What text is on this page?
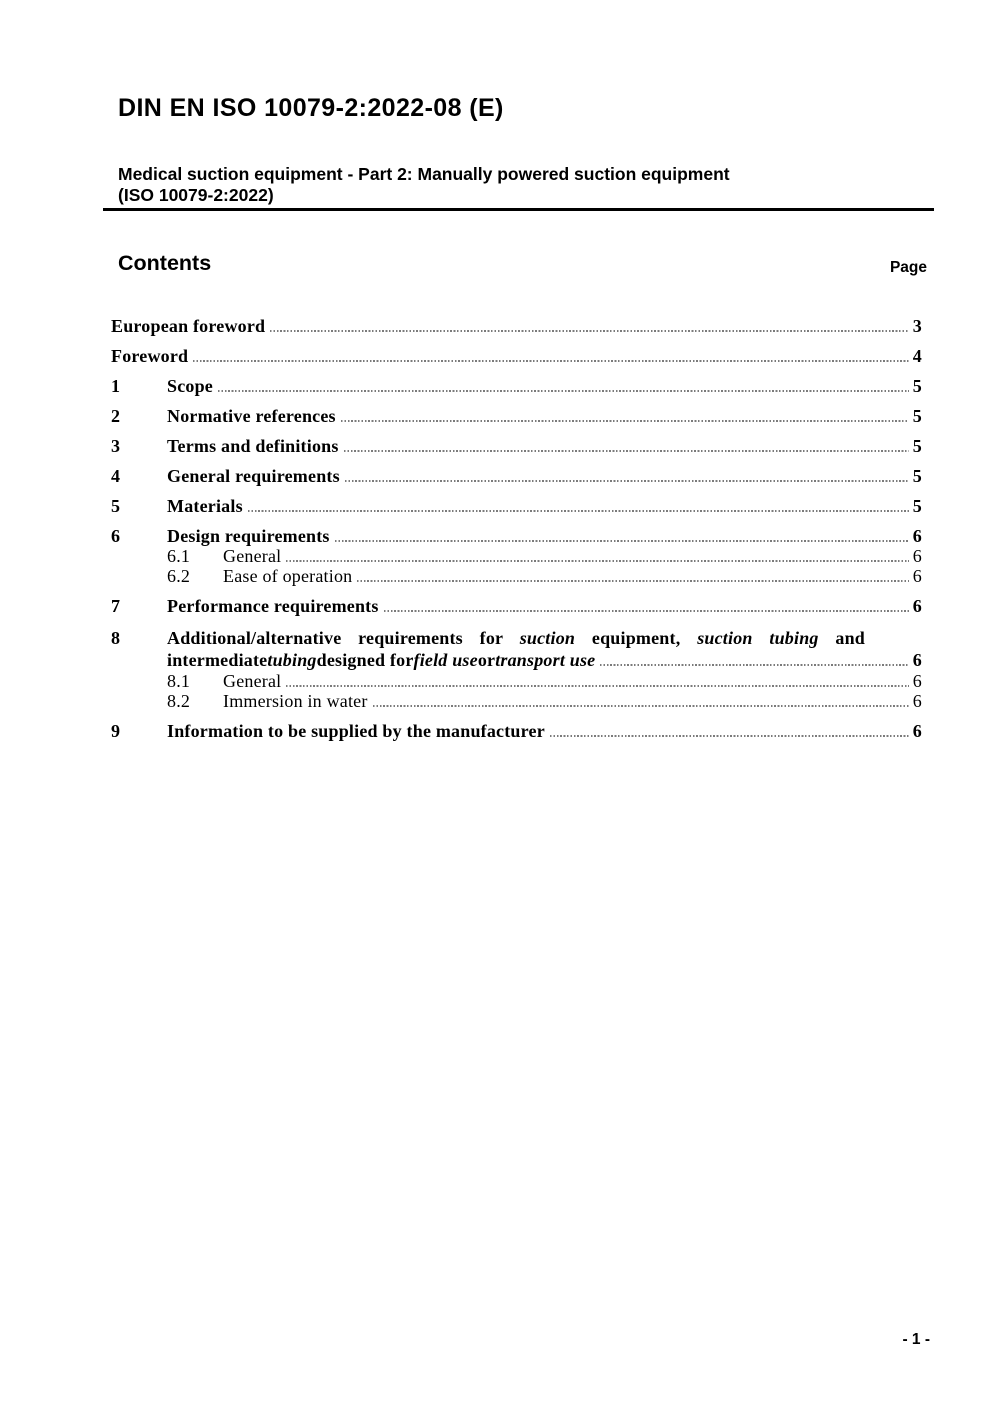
DIN EN ISO 10079-2:2022-08 (E)
Medical suction equipment - Part 2: Manually powered suction equipment
(ISO 10079-2:2022)
Contents	Page
European foreword	3
Foreword	4
1	Scope	5
2	Normative references	5
3	Terms and definitions	5
4	General requirements	5
5	Materials	5
6	Design requirements	6
6.1	General	6
6.2	Ease of operation	6
7	Performance requirements	6
8	Additional/alternative requirements for suction equipment, suction tubing and
intermediate tubing designed for field use or transport use	6
8.1	General	6
8.2	Immersion in water	6
9	Information to be supplied by the manufacturer	6
- 1 -
